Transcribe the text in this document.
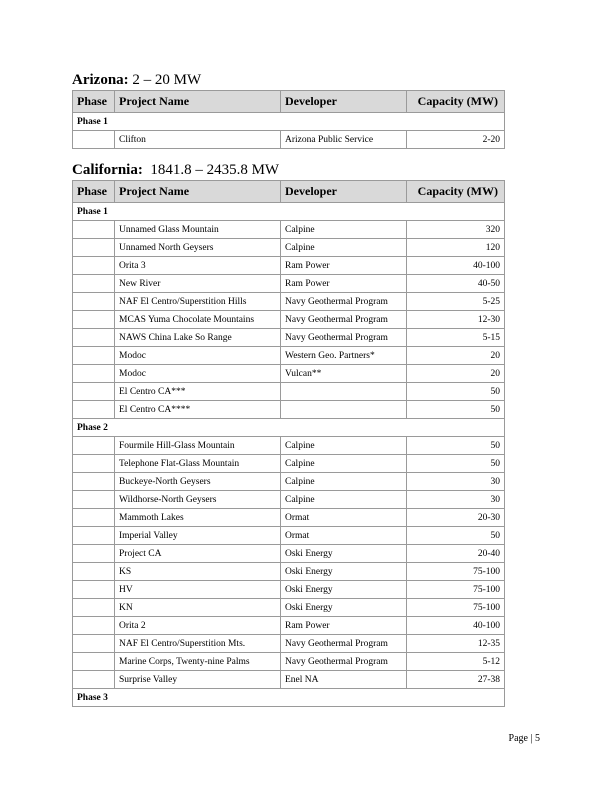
Arizona: 2 – 20 MW
Phase	Project Name	Developer	Capacity (MW)
Phase 1			
	Clifton	Arizona Public Service	2-20
California:  1841.8 – 2435.8 MW
Phase	Project Name	Developer	Capacity (MW)
Phase 1			
	Unnamed Glass Mountain	Calpine	320
	Unnamed North Geysers	Calpine	120
	Orita 3	Ram Power	40-100
	New River	Ram Power	40-50
	NAF El Centro/Superstition Hills	Navy Geothermal Program	5-25
	MCAS Yuma Chocolate Mountains	Navy Geothermal Program	12-30
	NAWS China Lake So Range	Navy Geothermal Program	5-15
	Modoc	Western Geo. Partners*	20
	Modoc	Vulcan**	20
	El Centro CA***		50
	El Centro CA****		50
Phase 2			
	Fourmile Hill-Glass Mountain	Calpine	50
	Telephone Flat-Glass Mountain	Calpine	50
	Buckeye-North Geysers	Calpine	30
	Wildhorse-North Geysers	Calpine	30
	Mammoth Lakes	Ormat	20-30
	Imperial Valley	Ormat	50
	Project CA	Oski Energy	20-40
	KS	Oski Energy	75-100
	HV	Oski Energy	75-100
	KN	Oski Energy	75-100
	Orita 2	Ram Power	40-100
	NAF El Centro/Superstition Mts.	Navy Geothermal Program	12-35
	Marine Corps, Twenty-nine Palms	Navy Geothermal Program	5-12
	Surprise Valley	Enel NA	27-38
Phase 3			
Page | 5
